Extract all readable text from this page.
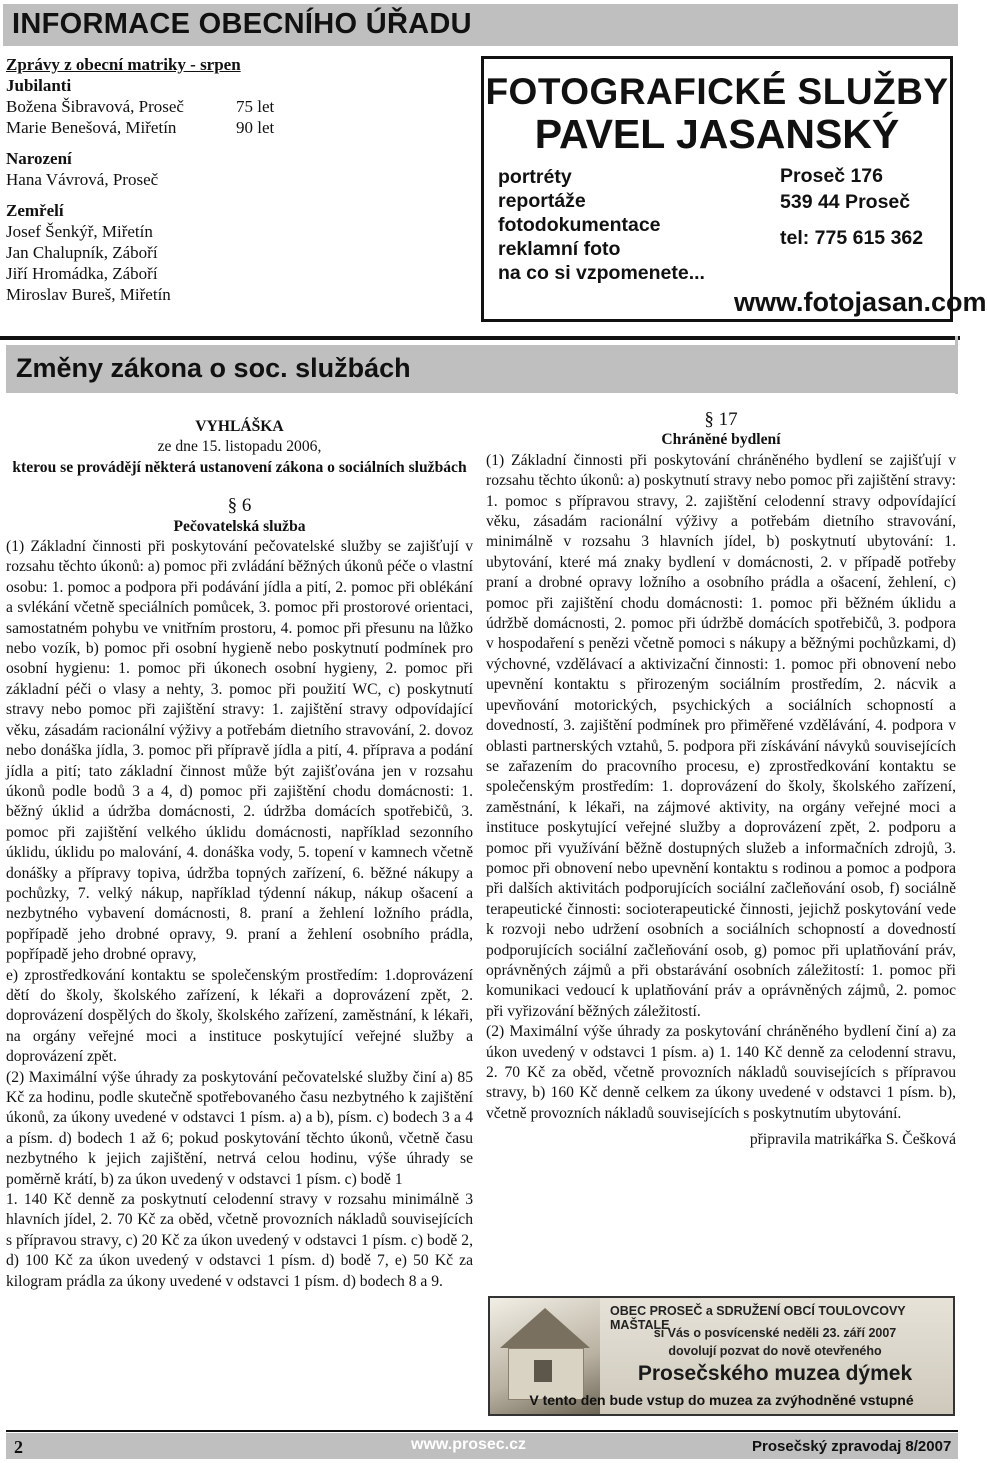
INFORMACE OBECNÍHO ÚŘADU
Zprávy z obecní matriky - srpen
Jubilanti
Božena Šibravová, Proseč	75 let
Marie Benešová, Miřetín	90 let
Narození
Hana Vávrová, Proseč
Zemřelí
Josef Šenkýř, Miřetín
Jan Chalupník, Záboří
Jiří Hromádka, Záboří
Miroslav Bureš, Miřetín
FOTOGRAFICKÉ SLUŽBY
PAVEL JASANSKÝ
portréty
reportáže
fotodokumentace
reklamní foto
na co si vzpomenete...
Proseč 176
539 44 Proseč
tel: 775 615 362
www.fotojasan.com
Změny zákona o soc. službách

VYHLÁŠKA

ze dne 15. listopadu 2006,

kterou se provádějí některá ustanovení zákona o sociálních službách

§ 6

Pečovatelská služba

(1) Základní činnosti při poskytování pečovatelské služby se zajišťují v rozsahu těchto úkonů: a) pomoc při zvládání běžných úkonů péče o vlastní osobu: 1. pomoc a podpora při podávání jídla a pití, 2. pomoc při oblékání a svlékání včetně speciálních pomůcek, 3. pomoc při prostorové orientaci, samostatném pohybu ve vnitřním prostoru, 4. pomoc při přesunu na lůžko nebo vozík, b) pomoc při osobní hygieně nebo poskytnutí podmínek pro osobní hygienu: 1. pomoc při úkonech osobní hygieny, 2. pomoc při základní péči o vlasy a nehty, 3. pomoc při použití WC, c) poskytnutí stravy nebo pomoc při zajištění stravy: 1. zajištění stravy odpovídající věku, zásadám racionální výživy a potřebám dietního stravování, 2. dovoz nebo donáška jídla, 3. pomoc při přípravě jídla a pití, 4. příprava a podání jídla a pití; tato základní činnost může být zajišťována jen v rozsahu úkonů podle bodů 3 a 4, d) pomoc při zajištění chodu domácnosti: 1. běžný úklid a údržba domácnosti, 2. údržba domácích spotřebičů, 3. pomoc při zajištění velkého úklidu domácnosti, například sezonního úklidu, úklidu po malování, 4. donáška vody, 5. topení v kamnech včetně donášky a přípravy topiva, údržba topných zařízení, 6. běžné nákupy a pochůzky, 7. velký nákup, například týdenní nákup, nákup ošacení a nezbytného vybavení domácnosti, 8. praní a žehlení ložního prádla, popřípadě jeho drobné opravy, 9. praní a žehlení osobního prádla, popřípadě jeho drobné opravy,

e) zprostředkování kontaktu se společenským prostředím: 1.doprovázení dětí do školy, školského zařízení, k lékaři a doprovázení zpět, 2. doprovázení dospělých do školy, školského zařízení, zaměstnání, k lékaři, na orgány veřejné moci a instituce poskytující veřejné služby a doprovázení zpět.

(2) Maximální výše úhrady za poskytování pečovatelské služby činí a) 85 Kč za hodinu, podle skutečně spotřebovaného času nezbytného k zajištění úkonů, za úkony uvedené v odstavci 1 písm. a) a b), písm. c) bodech 3 a 4 a písm. d) bodech 1 až 6; pokud poskytování těchto úkonů, včetně času nezbytného k jejich zajištění, netrvá celou hodinu, výše úhrady se poměrně krátí, b) za úkon uvedený v odstavci 1 písm. c) bodě 1

1. 140 Kč denně za poskytnutí celodenní stravy v rozsahu minimálně 3 hlavních jídel, 2. 70 Kč za oběd, včetně provozních nákladů souvisejících s přípravou stravy, c) 20 Kč za úkon uvedený v odstavci 1 písm. c) bodě 2, d) 100 Kč za úkon uvedený v odstavci 1 písm. d) bodě 7, e) 50 Kč za kilogram prádla za úkony uvedené v odstavci 1 písm. d) bodech 8 a 9.

§ 17

Chráněné bydlení

(1) Základní činnosti při poskytování chráněného bydlení se zajišťují v rozsahu těchto úkonů: a) poskytnutí stravy nebo pomoc při zajištění stravy: 1. pomoc s přípravou stravy, 2. zajištění celodenní stravy odpovídající věku, zásadám racionální výživy a potřebám dietního stravování, minimálně v rozsahu 3 hlavních jídel, b) poskytnutí ubytování: 1. ubytování, které má znaky bydlení v domácnosti, 2. v případě potřeby praní a drobné opravy ložního a osobního prádla a ošacení, žehlení, c) pomoc při zajištění chodu domácnosti: 1. pomoc při běžném úklidu a údržbě domácnosti, 2. pomoc při údržbě domácích spotřebičů, 3. podpora v hospodaření s penězi včetně pomoci s nákupy a běžnými pochůzkami, d) výchovné, vzdělávací a aktivizační činnosti: 1. pomoc při obnovení nebo upevnění kontaktu s přirozeným sociálním prostředím, 2. nácvik a upevňování motorických, psychických a sociálních schopností a dovedností, 3. zajištění podmínek pro přiměřené vzdělávání, 4. podpora v oblasti partnerských vztahů, 5. podpora při získávání návyků souvisejících se zařazením do pracovního procesu, e) zprostředkování kontaktu se společenským prostředím: 1. doprovázení do školy, školského zařízení, zaměstnání, k lékaři, na zájmové aktivity, na orgány veřejné moci a instituce poskytující veřejné služby a doprovázení zpět, 2. podporu a pomoc při využívání běžně dostupných služeb a informačních zdrojů, 3. pomoc při obnovení nebo upevnění kontaktu s rodinou a pomoc a podpora při dalších aktivitách podporujících sociální začleňování osob, f) sociálně terapeutické činnosti: socioterapeutické činnosti, jejichž poskytování vede k rozvoji nebo udržení osobních a sociálních schopností a dovedností podporujících sociální začleňování osob, g) pomoc při uplatňování práv, oprávněných zájmů a při obstarávání osobních záležitostí: 1. pomoc při komunikaci vedoucí k uplatňování práv a oprávněných zájmů, 2. pomoc při vyřizování běžných záležitostí.

(2) Maximální výše úhrady za poskytování chráněného bydlení činí a) za úkon uvedený v odstavci 1 písm. a) 1. 140 Kč denně za celodenní stravu, 2. 70 Kč za oběd, včetně provozních nákladů souvisejících s přípravou stravy, b) 160 Kč denně celkem za úkony uvedené v odstavci 1 písm. b), včetně provozních nákladů souvisejících s poskytnutím ubytování.

připravila matrikářka S. Češková

OBEC PROSEČ a SDRUŽENÍ OBCÍ TOULOVCOVY MAŠTALE
si Vás o posvícenské neděli 23. září 2007
dovolují pozvat do nově otevřeného
Prosečského muzea dýmek
V tento den bude vstup do muzea za zvýhodněné vstupné
2	www.prosec.cz	Prosečský zpravodaj 8/2007
